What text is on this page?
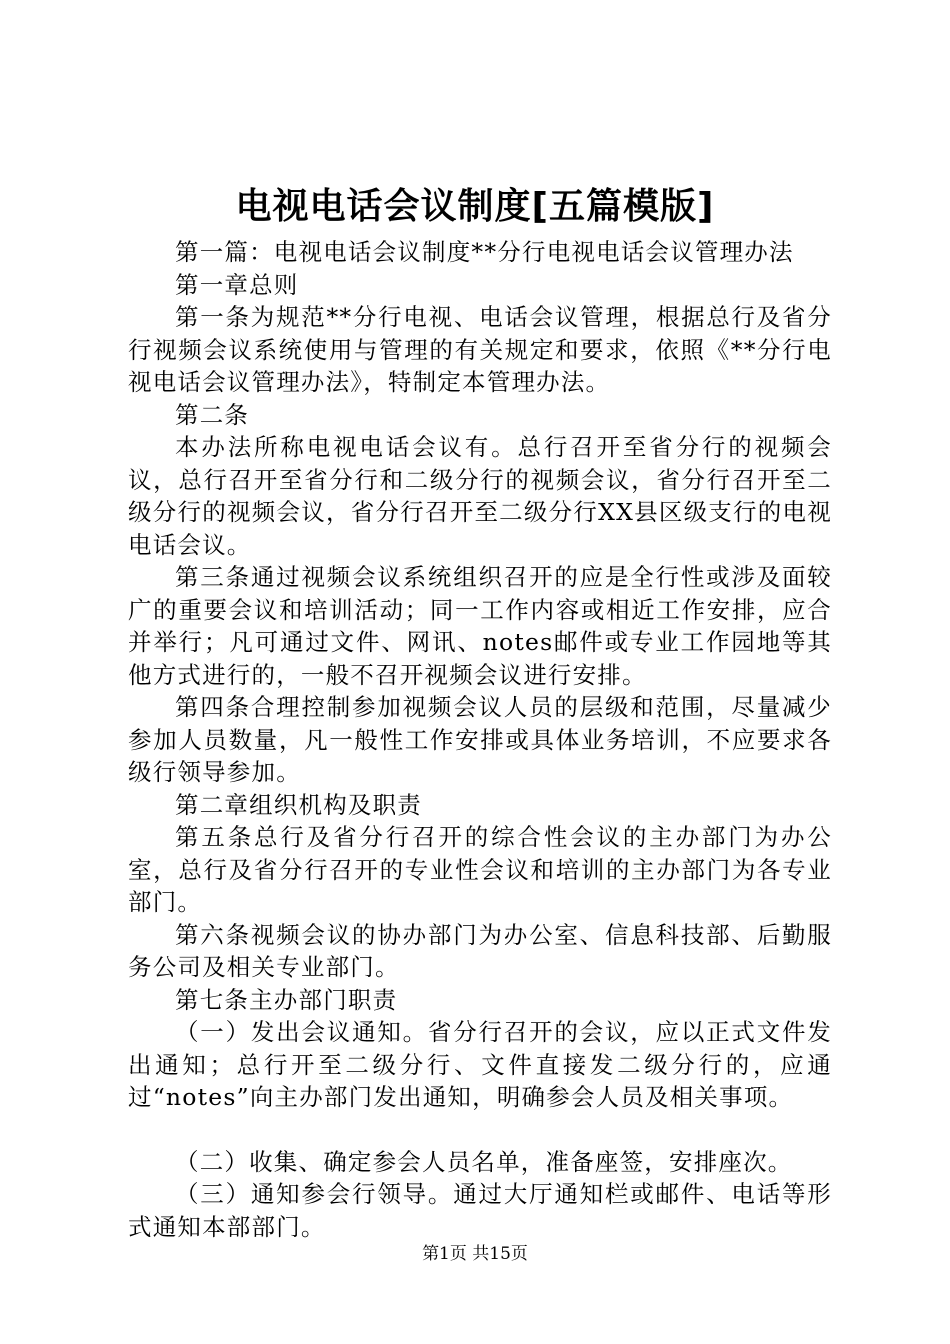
电视电话会议制度[五篇模版]

第一篇：电视电话会议制度**分行电视电话会议管理办法

第一章总则

第一条为规范**分行电视、电话会议管理，根据总行及省分行视频会议系统使用与管理的有关规定和要求，依照《**分行电视电话会议管理办法》，特制定本管理办法。

第二条

本办法所称电视电话会议有。总行召开至省分行的视频会议，总行召开至省分行和二级分行的视频会议，省分行召开至二级分行的视频会议，省分行召开至二级分行XX县区级支行的电视电话会议。

第三条通过视频会议系统组织召开的应是全行性或涉及面较广的重要会议和培训活动；同一工作内容或相近工作安排，应合并举行；凡可通过文件、网讯、notes邮件或专业工作园地等其他方式进行的，一般不召开视频会议进行安排。

第四条合理控制参加视频会议人员的层级和范围，尽量减少参加人员数量，凡一般性工作安排或具体业务培训，不应要求各级行领导参加。

第二章组织机构及职责

第五条总行及省分行召开的综合性会议的主办部门为办公室，总行及省分行召开的专业性会议和培训的主办部门为各专业部门。

第六条视频会议的协办部门为办公室、信息科技部、后勤服务公司及相关专业部门。

第七条主办部门职责

（一）发出会议通知。省分行召开的会议，应以正式文件发出通知；总行开至二级分行、文件直接发二级分行的，应通过“notes”向主办部门发出通知，明确参会人员及相关事项。

（二）收集、确定参会人员名单，准备座签，安排座次。

（三）通知参会行领导。通过大厅通知栏或邮件、电话等形式通知本部部门。

第1页 共15页
